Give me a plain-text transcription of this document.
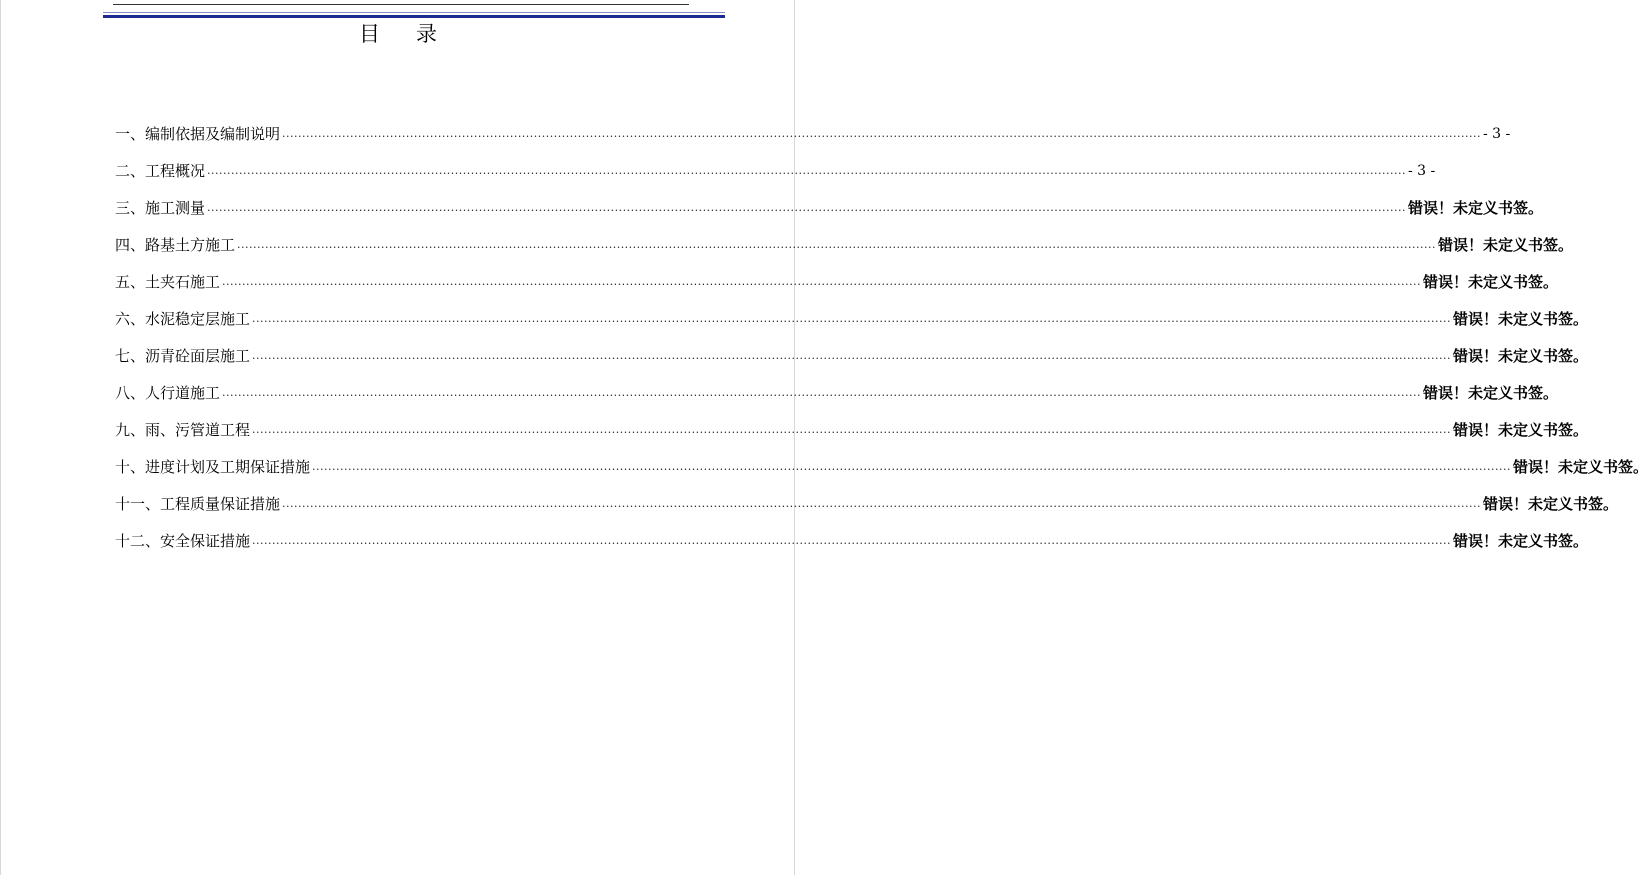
目录
一、编制依据及编制说明 ............................................................................................................................................................................................................................................................................................................ - 3 -
二、工程概况 ............................................................................................................................................................................................................................................................................................................ - 3 -
三、施工测量 ............................................................................................................................................................................................................................................................................................................ 错误！未定义书签。
四、路基土方施工 ............................................................................................................................................................................................................................................................................................................ 错误！未定义书签。
五、土夹石施工 ............................................................................................................................................................................................................................................................................................................ 错误！未定义书签。
六、水泥稳定层施工 ............................................................................................................................................................................................................................................................................................................ 错误！未定义书签。
七、沥青砼面层施工 ............................................................................................................................................................................................................................................................................................................ 错误！未定义书签。
八、人行道施工 ............................................................................................................................................................................................................................................................................................................ 错误！未定义书签。
九、雨、污管道工程 ............................................................................................................................................................................................................................................................................................................ 错误！未定义书签。
十、进度计划及工期保证措施 ............................................................................................................................................................................................................................................................................................................ 错误！未定义书签。
十一、工程质量保证措施 ............................................................................................................................................................................................................................................................................................................ 错误！未定义书签。
十二、安全保证措施 ............................................................................................................................................................................................................................................................................................................ 错误！未定义书签。
